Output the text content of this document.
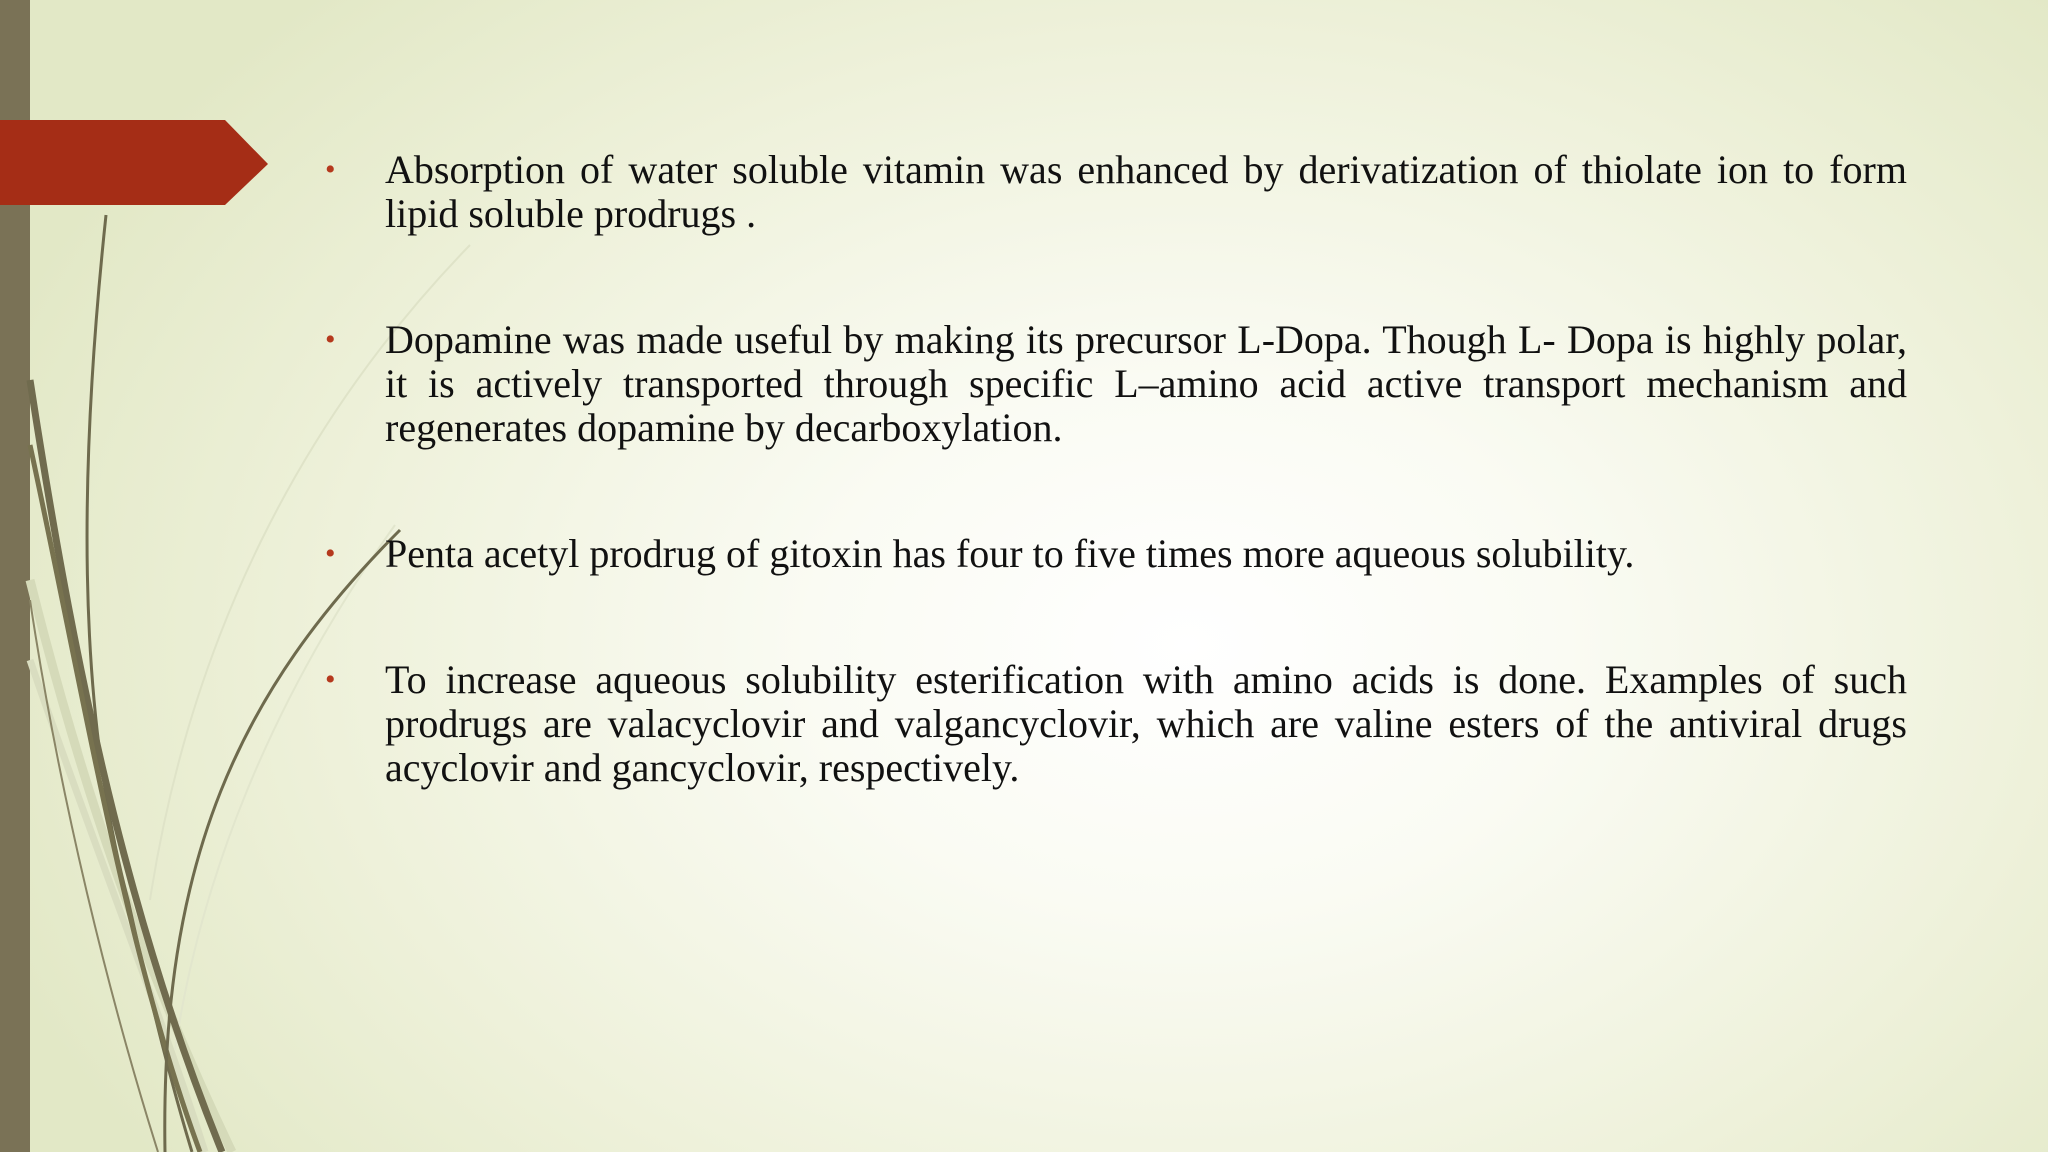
• Absorption of water soluble vitamin was enhanced by derivatization of thiolate ion to form lipid soluble prodrugs .
• Dopamine was made useful by making its precursor L-Dopa. Though L- Dopa is highly polar, it is actively transported through specific L–amino acid active transport mechanism and regenerates dopamine by decarboxylation.
• Penta acetyl prodrug of gitoxin has four to five times more aqueous solubility.
• To increase aqueous solubility esterification with amino acids is done. Examples of such prodrugs are valacyclovir and valgancyclovir, which are valine esters of the antiviral drugs acyclovir and gancyclovir, respectively.
